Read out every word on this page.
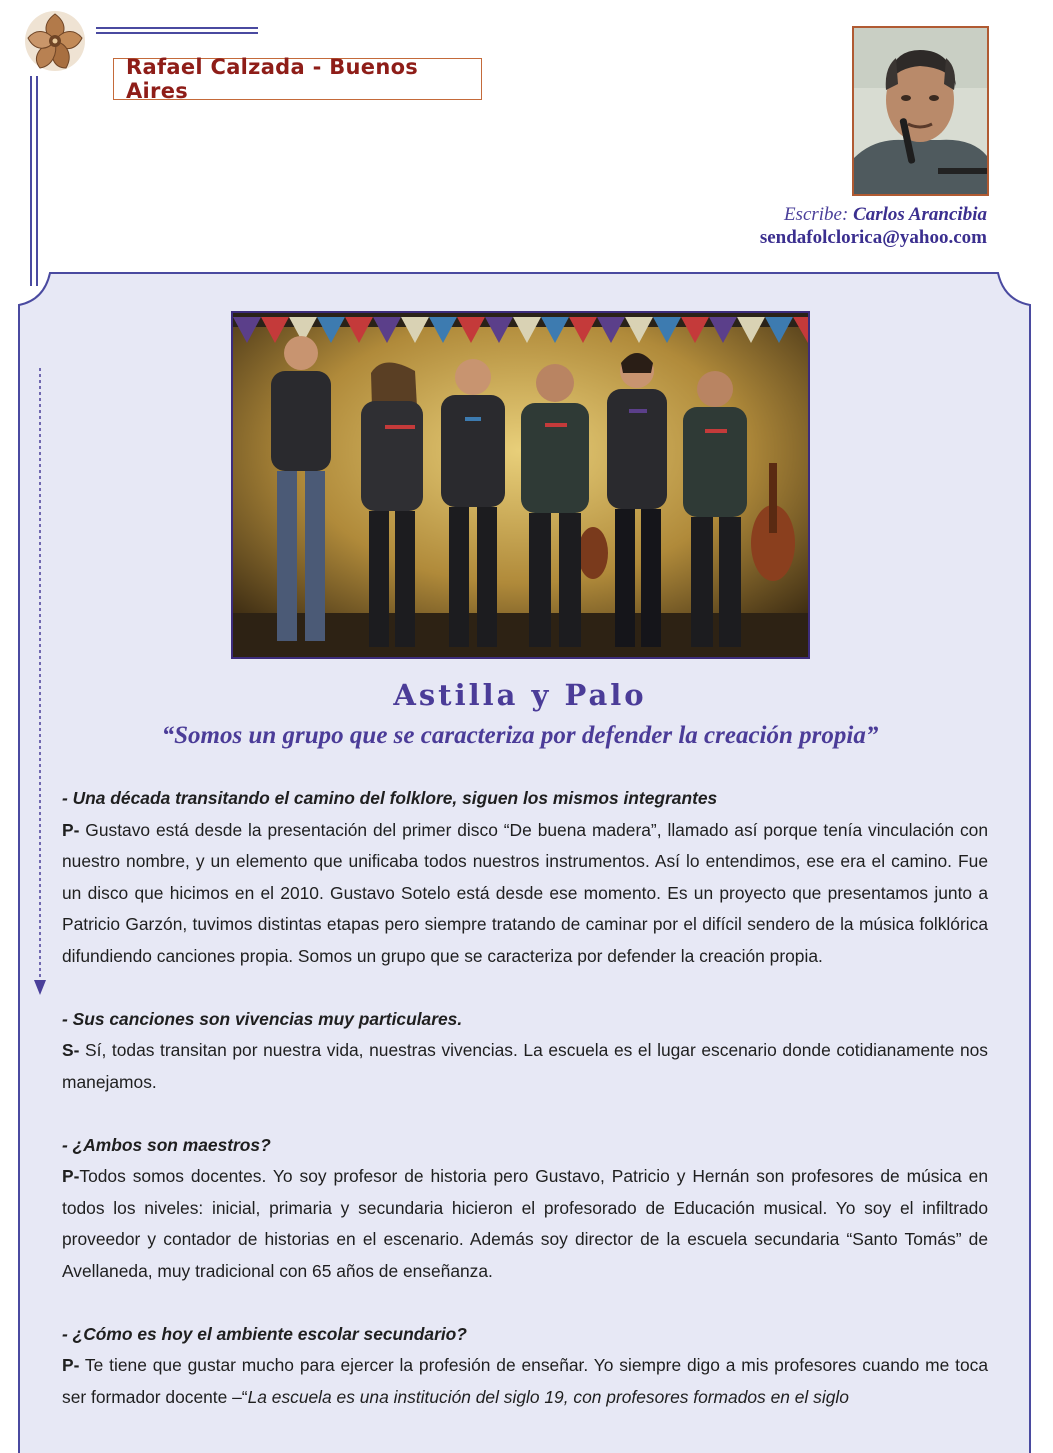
Rafael Calzada - Buenos Aires
Escribe: Carlos Arancibia
sendafolclorica@yahoo.com
Astilla y Palo
“Somos un grupo que se caracteriza por defender la creación propia”

- Una década transitando el camino del folklore, siguen los mismos integrantes

P- Gustavo está desde la presentación del primer disco “De buena madera”, llamado así porque tenía vinculación con nuestro nombre, y un elemento que unificaba todos nuestros instrumentos. Así lo entendimos, ese era el camino. Fue un disco que hicimos en el 2010. Gustavo Sotelo está desde ese momento. Es un proyecto que presentamos junto a Patricio Garzón, tuvimos distintas etapas pero siempre tratando de caminar por el difícil sendero de la música folklórica difundiendo canciones propia. Somos un grupo que se caracteriza por defender la creación propia.

- Sus canciones son vivencias muy particulares.

S- Sí, todas transitan por nuestra vida, nuestras vivencias. La escuela es el lugar escenario donde cotidianamente nos manejamos.

- ¿Ambos son maestros?

P-Todos somos docentes. Yo soy profesor de historia pero Gustavo, Patricio y Hernán son profesores de música en todos los niveles: inicial, primaria y secundaria hicieron el profesorado de Educación musical. Yo soy el infiltrado proveedor y contador de historias en el escenario. Además soy director de la escuela secundaria “Santo Tomás” de Avellaneda, muy tradicional con 65 años de enseñanza.

- ¿Cómo es hoy el ambiente escolar secundario?

P- Te tiene que gustar mucho para ejercer la profesión de enseñar. Yo siempre digo a mis profesores cuando me toca ser formador docente –“La escuela es una institución del siglo 19, con profesores formados en el siglo
